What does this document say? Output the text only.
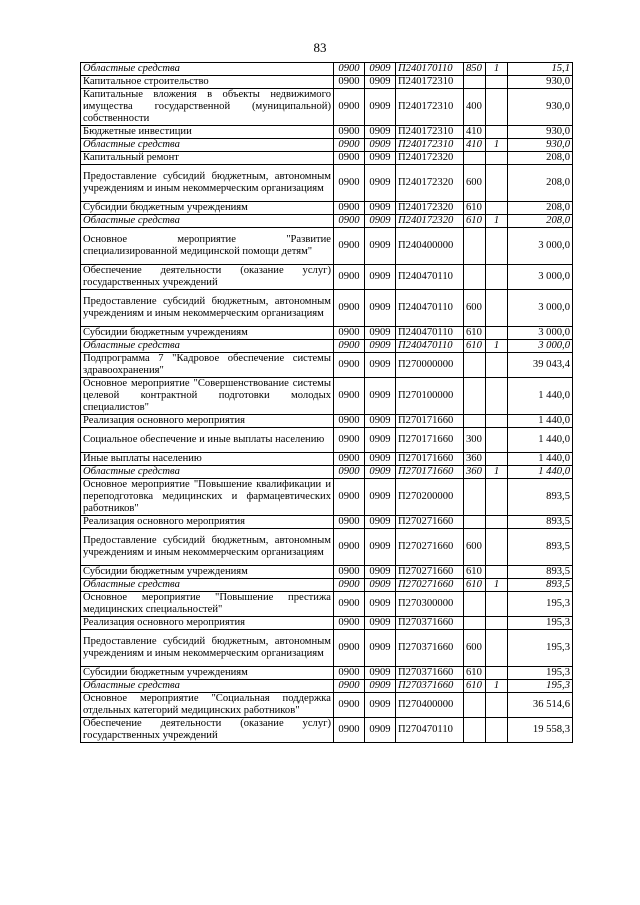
83
Областные средства	0900	0909	П240170110	850	1	15,1
Капитальное строительство	0900	0909	П240172310			930,0
Капитальные вложения в объекты недвижимого имущества государственной (муниципальной) собственности	0900	0909	П240172310	400		930,0
Бюджетные инвестиции	0900	0909	П240172310	410		930,0
Областные средства	0900	0909	П240172310	410	1	930,0
Капитальный ремонт	0900	0909	П240172320			208,0
Предоставление субсидий бюджетным, автономным учреждениям и иным некоммерческим организациям	0900	0909	П240172320	600		208,0
Субсидии бюджетным учреждениям	0900	0909	П240172320	610		208,0
Областные средства	0900	0909	П240172320	610	1	208,0
Основное мероприятие "Развитие специализированной медицинской помощи детям"	0900	0909	П240400000			3 000,0
Обеспечение деятельности (оказание услуг) государственных учреждений	0900	0909	П240470110			3 000,0
Предоставление субсидий бюджетным, автономным учреждениям и иным некоммерческим организациям	0900	0909	П240470110	600		3 000,0
Субсидии бюджетным учреждениям	0900	0909	П240470110	610		3 000,0
Областные средства	0900	0909	П240470110	610	1	3 000,0
Подпрограмма 7 "Кадровое обеспечение системы здравоохранения"	0900	0909	П270000000			39 043,4
Основное мероприятие "Совершенствование системы целевой контрактной подготовки молодых специалистов"	0900	0909	П270100000			1 440,0
Реализация основного мероприятия	0900	0909	П270171660			1 440,0
Социальное обеспечение и иные выплаты населению	0900	0909	П270171660	300		1 440,0
Иные выплаты населению	0900	0909	П270171660	360		1 440,0
Областные средства	0900	0909	П270171660	360	1	1 440,0
Основное мероприятие "Повышение квалификации и переподготовка медицинских и фармацевтических работников"	0900	0909	П270200000			893,5
Реализация основного мероприятия	0900	0909	П270271660			893,5
Предоставление субсидий бюджетным, автономным учреждениям и иным некоммерческим организациям	0900	0909	П270271660	600		893,5
Субсидии бюджетным учреждениям	0900	0909	П270271660	610		893,5
Областные средства	0900	0909	П270271660	610	1	893,5
Основное мероприятие "Повышение престижа медицинских специальностей"	0900	0909	П270300000			195,3
Реализация основного мероприятия	0900	0909	П270371660			195,3
Предоставление субсидий бюджетным, автономным учреждениям и иным некоммерческим организациям	0900	0909	П270371660	600		195,3
Субсидии бюджетным учреждениям	0900	0909	П270371660	610		195,3
Областные средства	0900	0909	П270371660	610	1	195,3
Основное мероприятие "Социальная поддержка отдельных категорий медицинских работников"	0900	0909	П270400000			36 514,6
Обеспечение деятельности (оказание услуг) государственных учреждений	0900	0909	П270470110			19 558,3
